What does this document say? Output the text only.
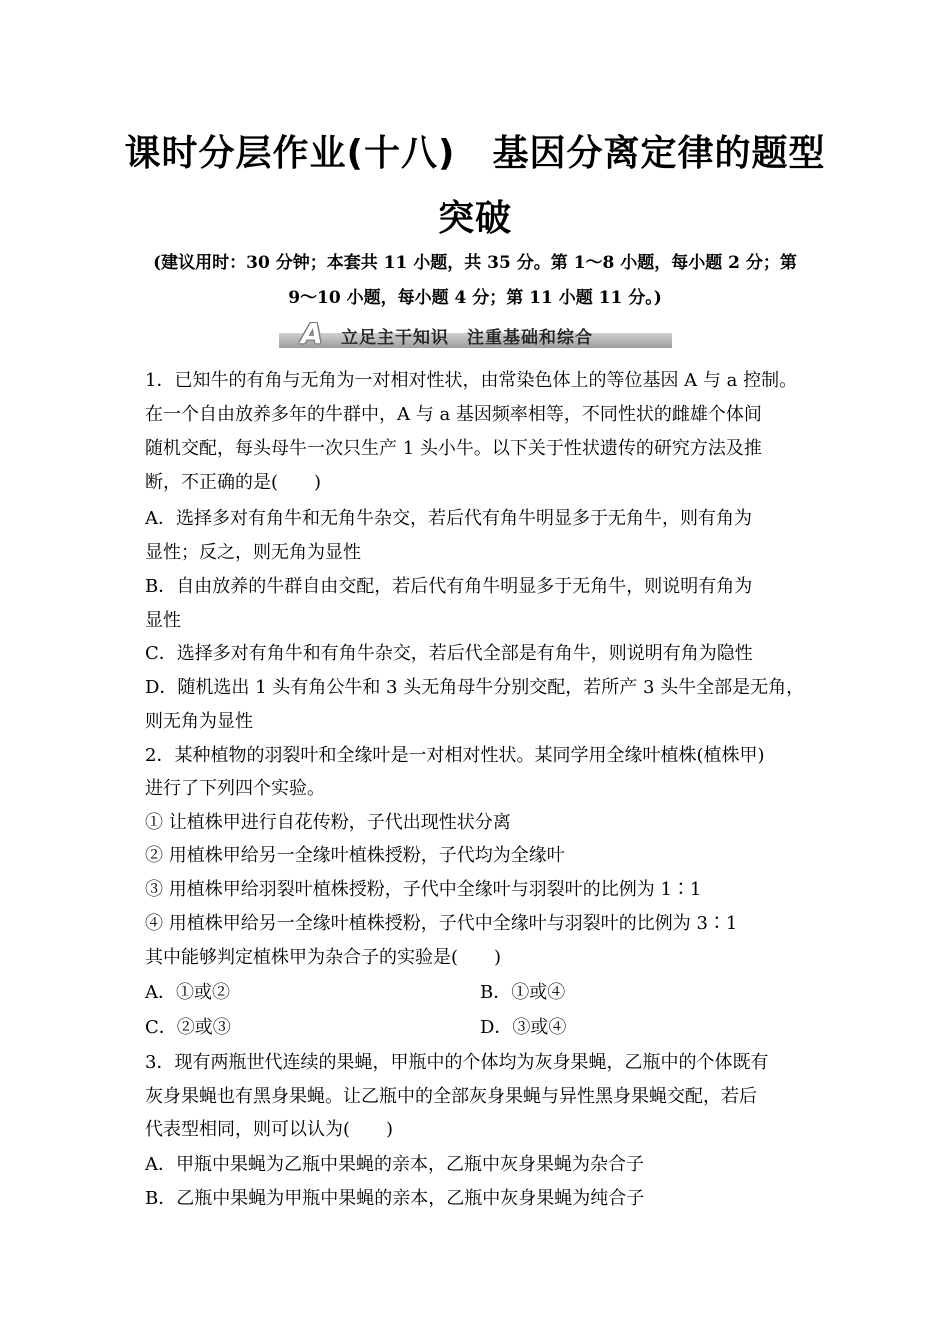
课时分层作业(十八)　基因分离定律的题型
突破
(建议用时：30 分钟；本套共 11 小题，共 35 分。第 1～8 小题，每小题 2 分；第
9～10 小题，每小题 4 分；第 11 小题 11 分。)
A	立足主干知识　注重基础和综合
1．已知牛的有角与无角为一对相对性状，由常染色体上的等位基因 A 与 a 控制。
在一个自由放养多年的牛群中，A 与 a 基因频率相等，不同性状的雌雄个体间
随机交配，每头母牛一次只生产 1 头小牛。以下关于性状遗传的研究方法及推
断，不正确的是(　　)
A．选择多对有角牛和无角牛杂交，若后代有角牛明显多于无角牛，则有角为
显性；反之，则无角为显性
B．自由放养的牛群自由交配，若后代有角牛明显多于无角牛，则说明有角为
显性
C．选择多对有角牛和有角牛杂交，若后代全部是有角牛，则说明有角为隐性
D．随机选出 1 头有角公牛和 3 头无角母牛分别交配，若所产 3 头牛全部是无角，
则无角为显性
2．某种植物的羽裂叶和全缘叶是一对相对性状。某同学用全缘叶植株(植株甲)
进行了下列四个实验。
① 让植株甲进行自花传粉，子代出现性状分离
② 用植株甲给另一全缘叶植株授粉，子代均为全缘叶
③ 用植株甲给羽裂叶植株授粉，子代中全缘叶与羽裂叶的比例为 1∶1
④ 用植株甲给另一全缘叶植株授粉，子代中全缘叶与羽裂叶的比例为 3∶1
其中能够判定植株甲为杂合子的实验是(　　)
A．①或②	B．①或④
C．②或③	D．③或④
3．现有两瓶世代连续的果蝇，甲瓶中的个体均为灰身果蝇，乙瓶中的个体既有
灰身果蝇也有黑身果蝇。让乙瓶中的全部灰身果蝇与异性黑身果蝇交配，若后
代表型相同，则可以认为(　　)
A．甲瓶中果蝇为乙瓶中果蝇的亲本，乙瓶中灰身果蝇为杂合子
B．乙瓶中果蝇为甲瓶中果蝇的亲本，乙瓶中灰身果蝇为纯合子
